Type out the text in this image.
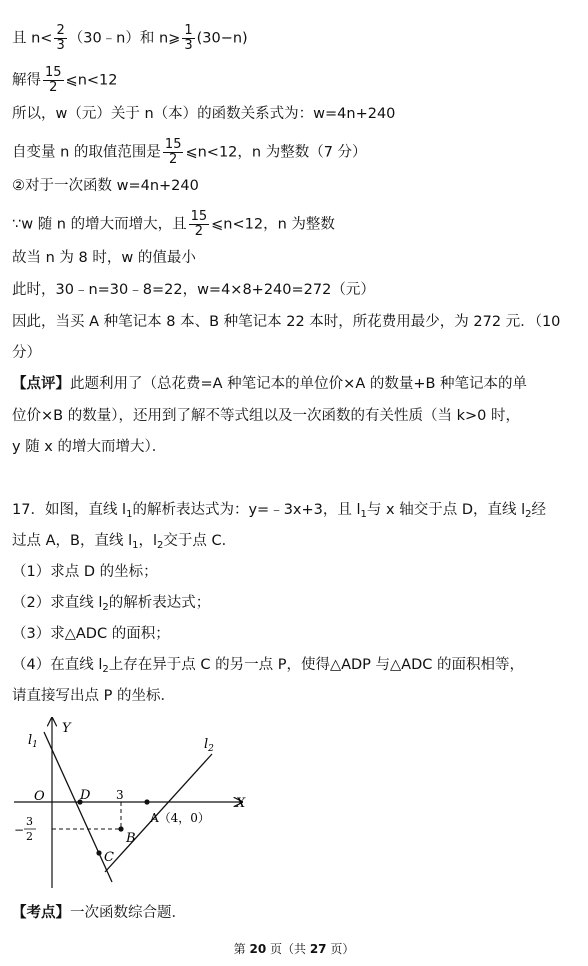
且 $n< \frac{2}{3}$ （30﹣n）和 n⩾ $\frac{1}{3} (30-n)$
解得 $\frac{15}{2}$ ⩽n<12
所以，w（元）关于 n（本）的函数关系式为：w=4n+240
自变量 n 的取值范围是 $\frac{15}{2}$ ⩽n<12，n 为整数（7 分）
②对于一次函数 w=4n+240
∵w 随 n 的增大而增大，且 $\frac{15}{2}$ ⩽n<12，n 为整数
故当 n 为 8 时，w 的值最小
此时，30﹣n=30﹣8=22，w=4×8+240=272（元）
因此，当买 A 种笔记本 8 本、B 种笔记本 22 本时，所花费用最少，为 272 元．（10
分）
【点评】此题利用了（总花费=A 种笔记本的单位价×A 的数量+B 种笔记本的单
位价×B 的数量），还用到了解不等式组以及一次函数的有关性质（当 k>0 时，
y 随 x 的增大而增大）．
17．如图，直线 $l_1$的解析表达式为：y=﹣3x+3，且 $l_1$与 x 轴交于点 D，直线 $l_2$经
过点 A，B，直线 $l_1$，$l_2$交于点 C．
（1）求点 D 的坐标；
（2）求直线 $l_2$的解析表达式；
（3）求△ADC 的面积；
（4）在直线 $l_2$上存在异于点 C 的另一点 P，使得△ADP 与△ADC 的面积相等，
请直接写出点 P 的坐标．
Y
X
O	D 3
A（4，0）
B
C
$l_1$	$l_2$
−
3
2
【考点】一次函数综合题．
第 20 页（共 27 页）
